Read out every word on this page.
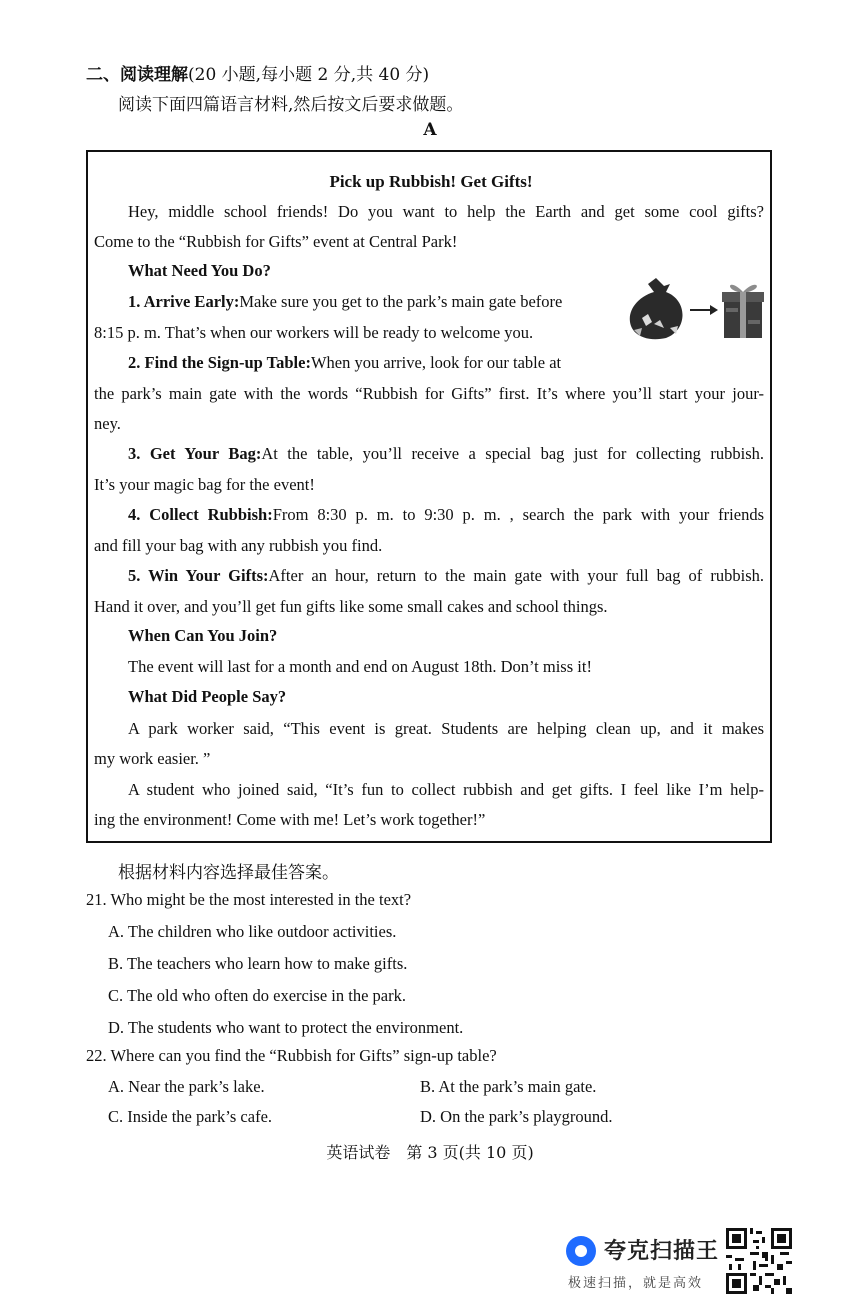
二、阅读理解(20 小题,每小题 2 分,共 40 分)
阅读下面四篇语言材料,然后按文后要求做题。
A
Pick up Rubbish! Get Gifts!
Hey, middle school friends! Do you want to help the Earth and get some cool gifts?
Come to the “Rubbish for Gifts” event at Central Park!
What Need You Do?
1. Arrive Early:Make sure you get to the park’s main gate before
8:15 p. m. That’s when our workers will be ready to welcome you.
2. Find the Sign-up Table:When you arrive, look for our table at
the park’s main gate with the words “Rubbish for Gifts” first. It’s where you’ll start your jour-
ney.
3. Get Your Bag:At the table, you’ll receive a special bag just for collecting rubbish.
It’s your magic bag for the event!
4. Collect Rubbish:From 8:30 p. m. to 9:30 p. m. , search the park with your friends
and fill your bag with any rubbish you find.
5. Win Your Gifts:After an hour, return to the main gate with your full bag of rubbish.
Hand it over, and you’ll get fun gifts like some small cakes and school things.
When Can You Join?
The event will last for a month and end on August 18th. Don’t miss it!
What Did People Say?
A park worker said, “This event is great. Students are helping clean up, and it makes
my work easier. ”
A student who joined said, “It’s fun to collect rubbish and get gifts. I feel like I’m help-
ing the environment! Come with me! Let’s work together!”
根据材料内容选择最佳答案。
21. Who might be the most interested in the text?
A. The children who like outdoor activities.
B. The teachers who learn how to make gifts.
C. The old who often do exercise in the park.
D. The students who want to protect the environment.
22. Where can you find the “Rubbish for Gifts” sign-up table?
A. Near the park’s lake.	B. At the park’s main gate.
C. Inside the park’s cafe.	D. On the park’s playground.
英语试卷　第 3 页(共 10 页)
夸克扫描王
极速扫描，就是高效
